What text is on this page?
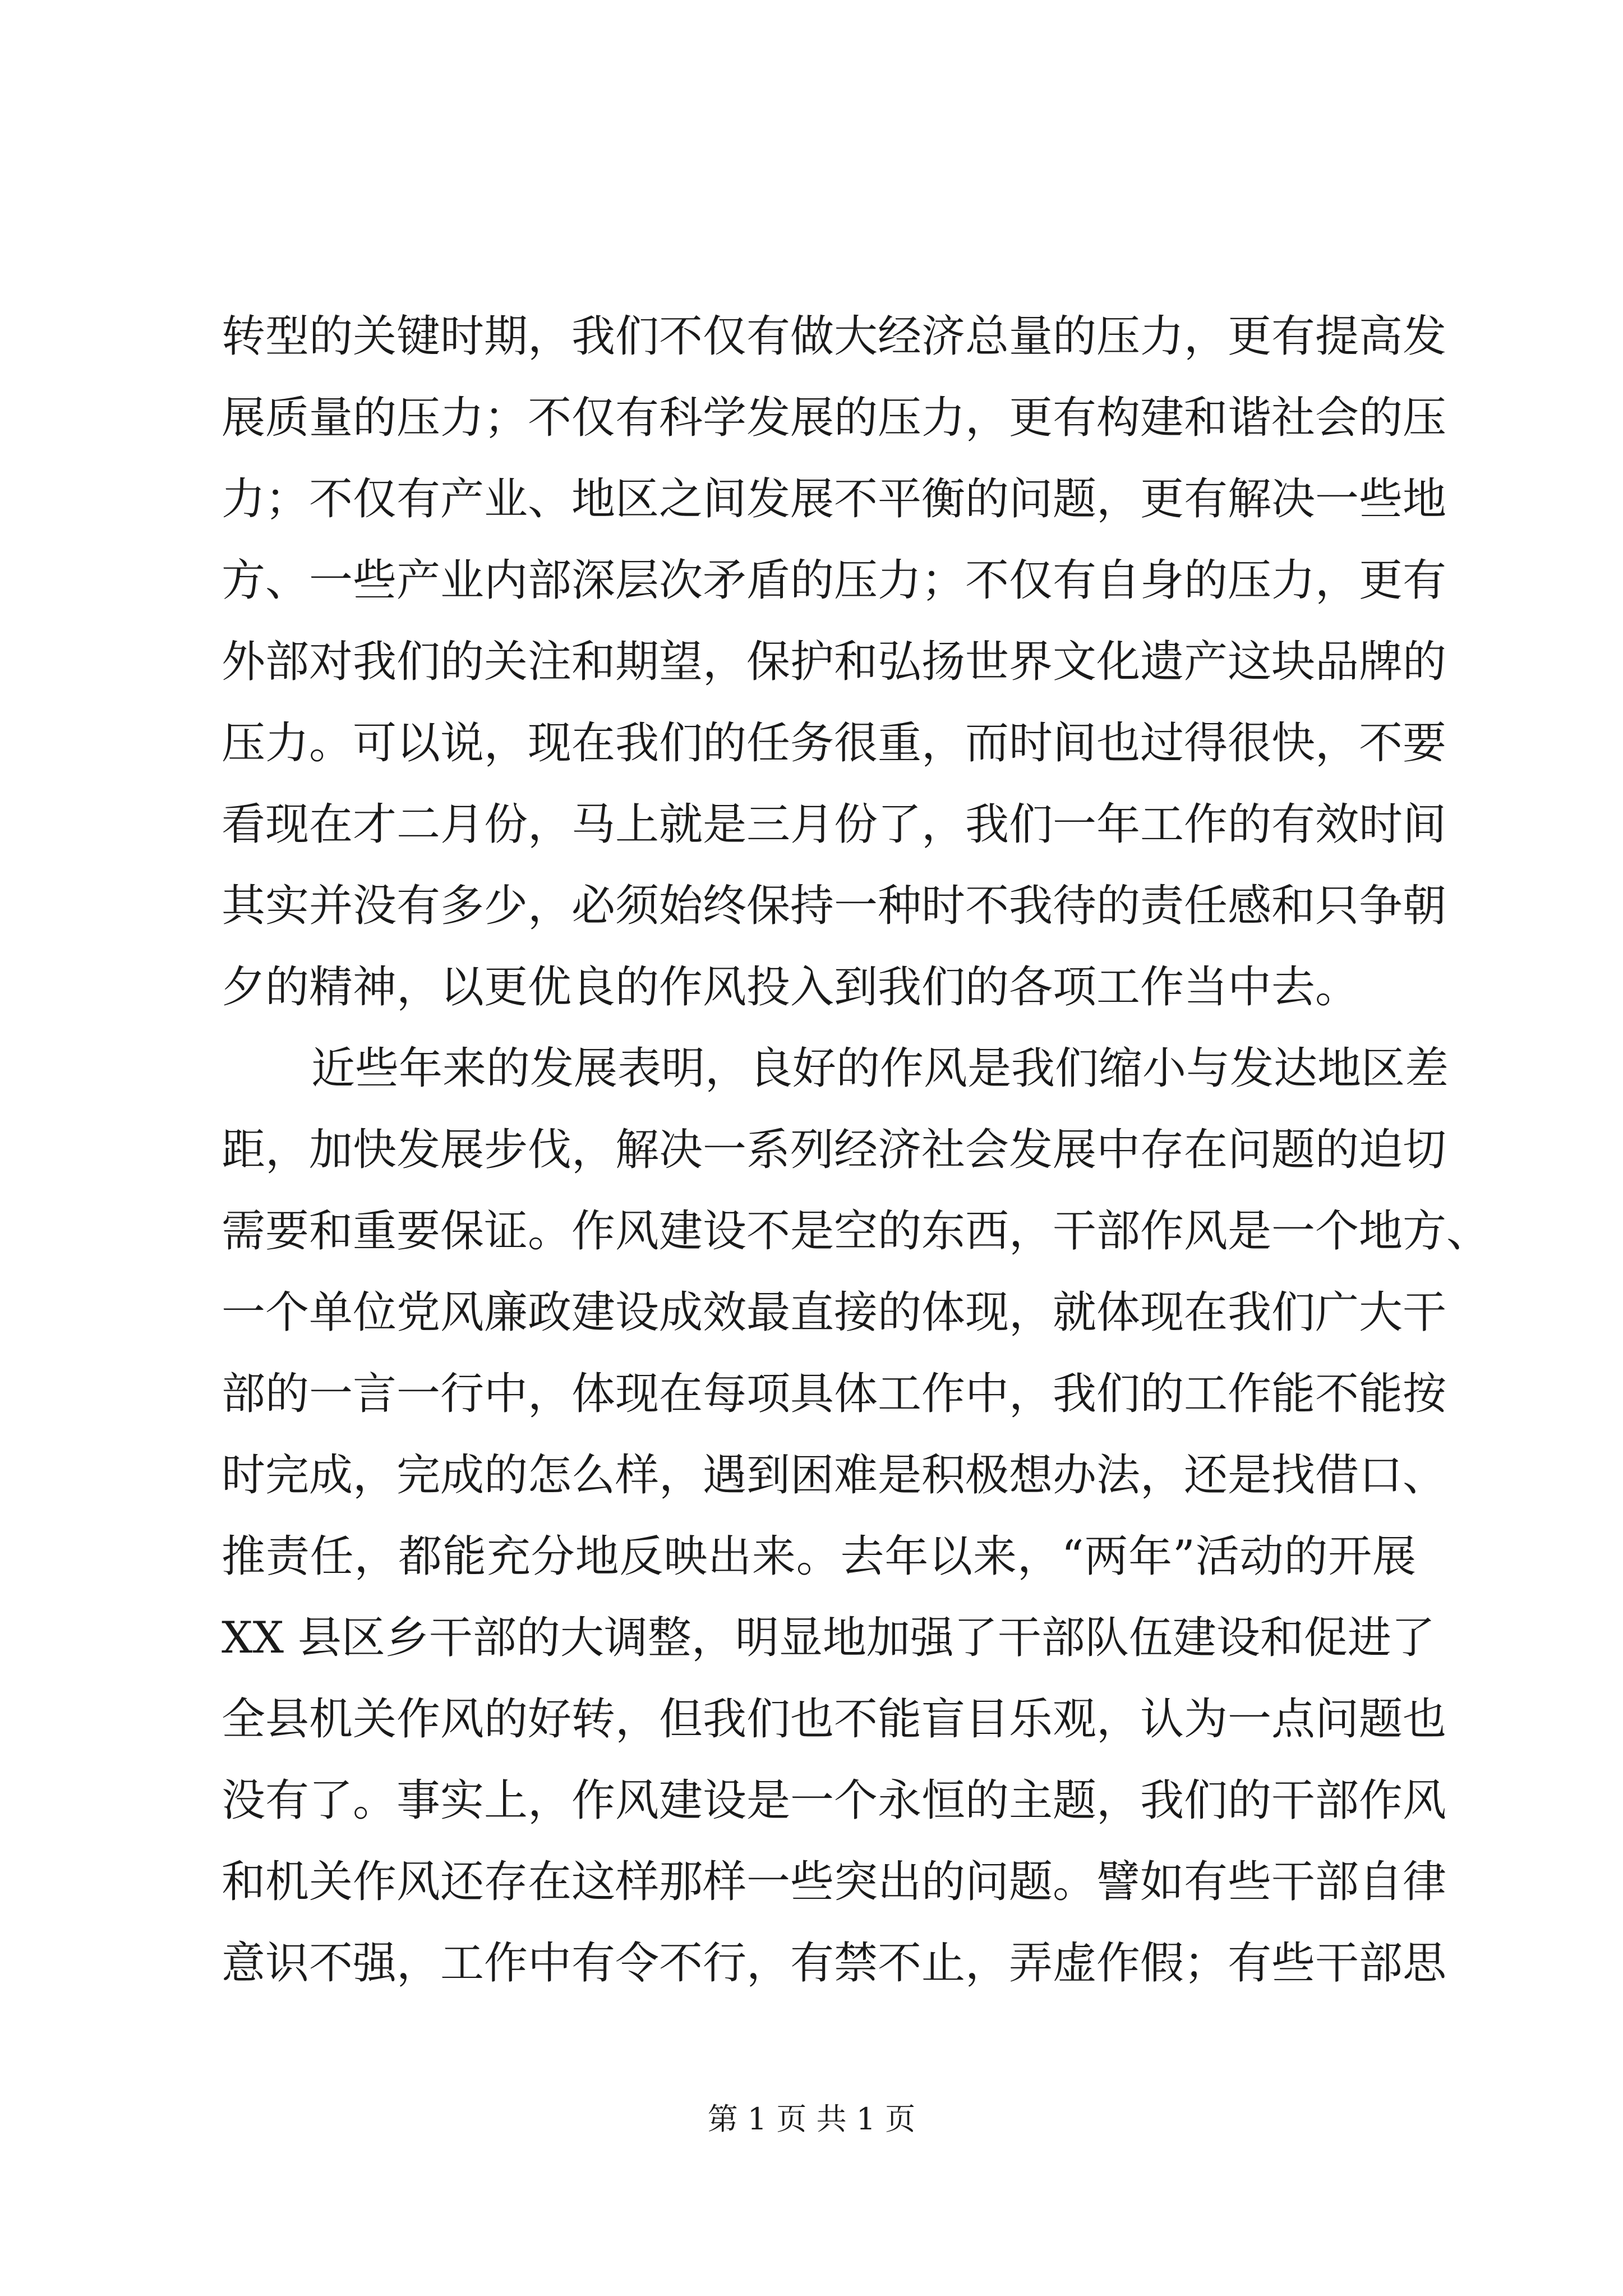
转型的关键时期，我们不仅有做大经济总量的压力，更有提高发
展质量的压力；不仅有科学发展的压力，更有构建和谐社会的压
力；不仅有产业、地区之间发展不平衡的问题，更有解决一些地
方、一些产业内部深层次矛盾的压力；不仅有自身的压力，更有
外部对我们的关注和期望，保护和弘扬世界文化遗产这块品牌的
压力。可以说，现在我们的任务很重，而时间也过得很快，不要
看现在才二月份，马上就是三月份了，我们一年工作的有效时间
其实并没有多少，必须始终保持一种时不我待的责任感和只争朝
夕的精神，以更优良的作风投入到我们的各项工作当中去。
近些年来的发展表明，良好的作风是我们缩小与发达地区差
距，加快发展步伐，解决一系列经济社会发展中存在问题的迫切
需要和重要保证。作风建设不是空的东西，干部作风是一个地方、
一个单位党风廉政建设成效最直接的体现，就体现在我们广大干
部的一言一行中，体现在每项具体工作中，我们的工作能不能按
时完成，完成的怎么样，遇到困难是积极想办法，还是找借口、
推责任，都能充分地反映出来。去年以来，“两年”活动的开展
XX 县区乡干部的大调整，明显地加强了干部队伍建设和促进了
全县机关作风的好转，但我们也不能盲目乐观，认为一点问题也
没有了。事实上，作风建设是一个永恒的主题，我们的干部作风
和机关作风还存在这样那样一些突出的问题。譬如有些干部自律
意识不强，工作中有令不行，有禁不止，弄虚作假；有些干部思
第 1 页 共 1 页
